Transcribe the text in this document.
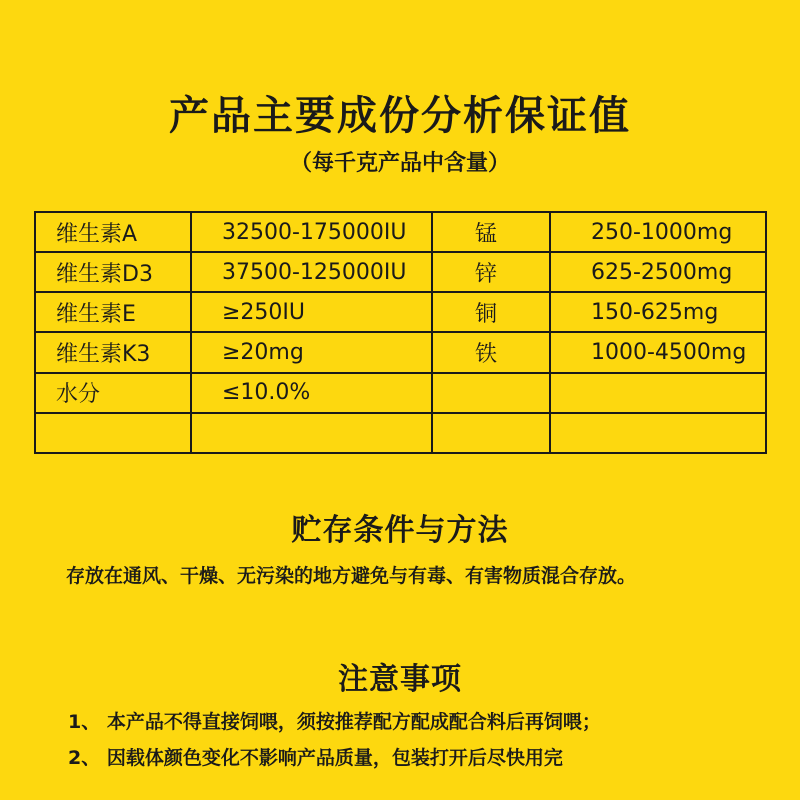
产品主要成份分析保证值
（每千克产品中含量）
维生素A	32500-175000IU	锰	250-1000mg
维生素D3	37500-125000IU	锌	625-2500mg
维生素E	≥250IU	铜	150-625mg
维生素K3	≥20mg	铁	1000-4500mg
水分	≤10.0%		

贮存条件与方法

存放在通风、干燥、无污染的地方避免与有毒、有害物质混合存放。

注意事项
1、 本产品不得直接饲喂，须按推荐配方配成配合料后再饲喂；
2、 因载体颜色变化不影响产品质量，包装打开后尽快用完
